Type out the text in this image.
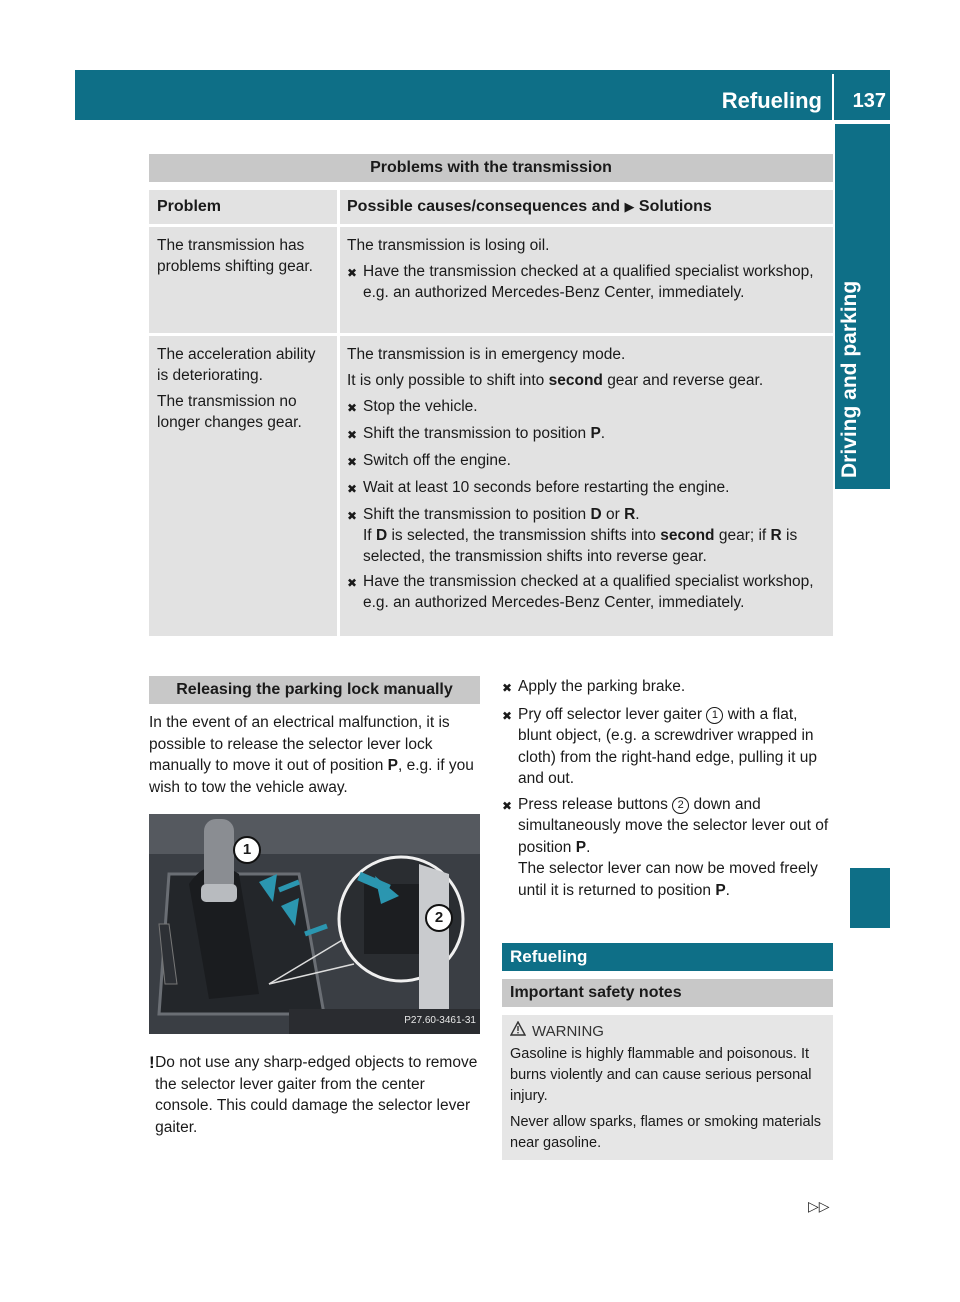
Refueling 137
Driving and parking
Problems with the transmission
Problem	Possible causes/consequences and ▶ Solutions
The transmission has problems shifting gear.

The transmission is losing oil.

✖ Have the transmission checked at a qualified specialist workshop, e.g. an authorized Mercedes-Benz Center, immediately.

The acceleration ability is deteriorating.

The transmission no longer changes gear.

The transmission is in emergency mode.

It is only possible to shift into second gear and reverse gear.

✖ Stop the vehicle.
✖ Shift the transmission to position P.
✖ Switch off the engine.
✖ Wait at least 10 seconds before restarting the engine.
✖ Shift the transmission to position D or R.
If D is selected, the transmission shifts into second gear; if R is selected, the transmission shifts into reverse gear.
✖ Have the transmission checked at a qualified specialist workshop, e.g. an authorized Mercedes-Benz Center, immediately.
Releasing the parking lock manually

In the event of an electrical malfunction, it is possible to release the selector lever lock manually to move it out of position P, e.g. if you wish to tow the vehicle away.

1
2
P27.60-3461-31
! Do not use any sharp-edged objects to remove the selector lever gaiter from the center console. This could damage the selector lever gaiter.
✖ Apply the parking brake.
✖ Pry off selector lever gaiter 1 with a flat, blunt object, (e.g. a screwdriver wrapped in cloth) from the right-hand edge, pulling it up and out.
✖ Press release buttons 2 down and simultaneously move the selector lever out of position P.
The selector lever can now be moved freely until it is returned to position P.
Refueling
Important safety notes
WARNING

Gasoline is highly flammable and poisonous. It burns violently and can cause serious personal injury.

Never allow sparks, flames or smoking materials near gasoline.

▷▷
